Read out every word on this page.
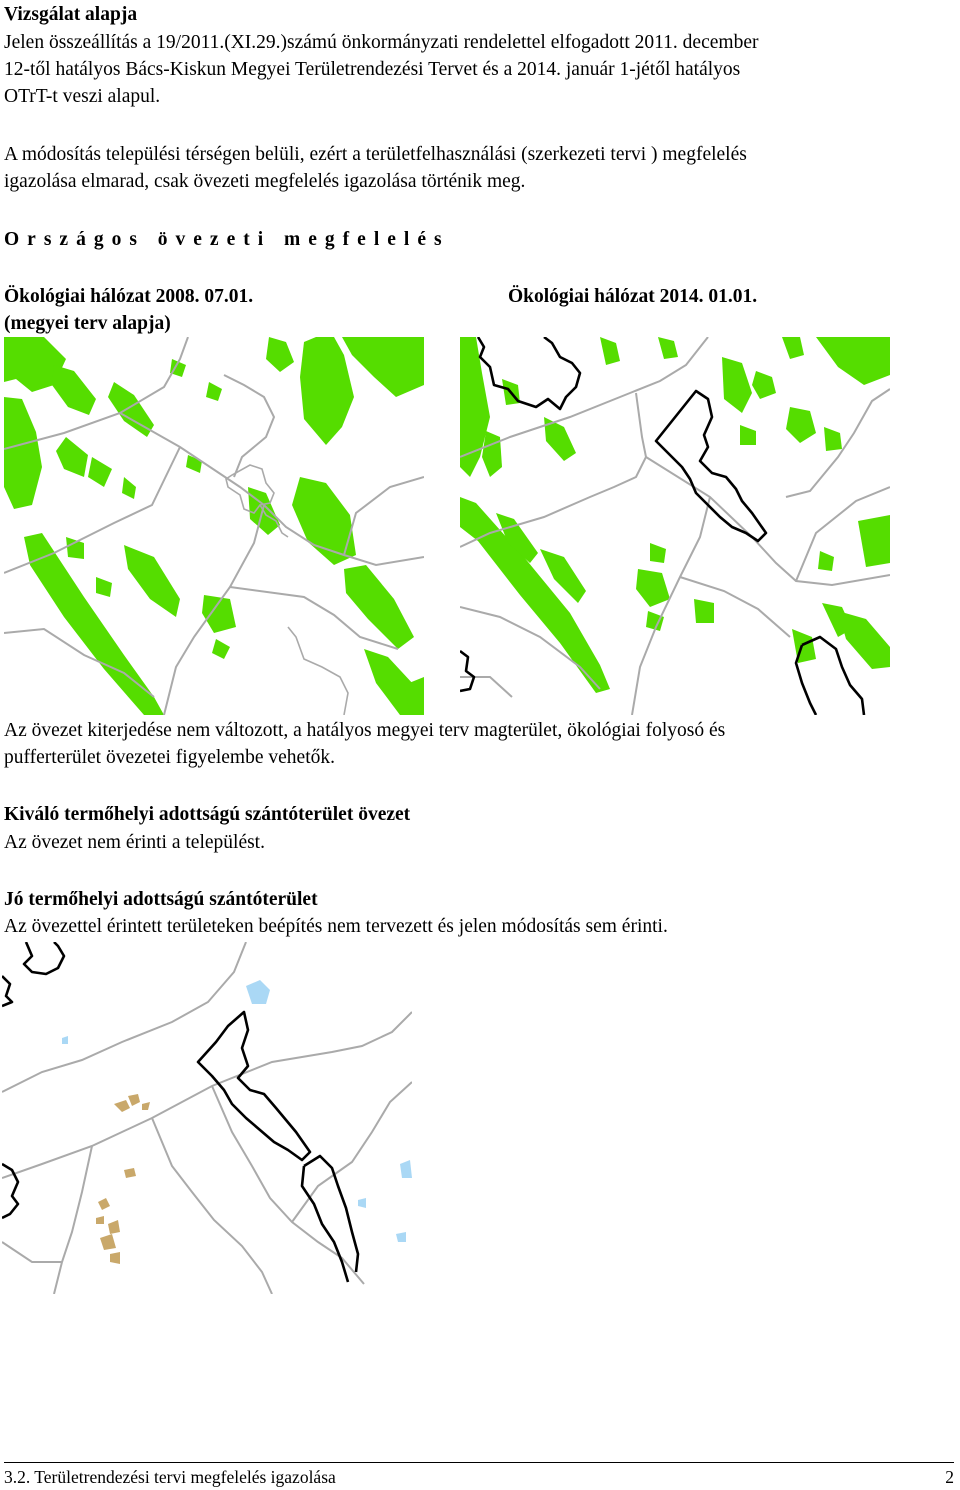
Vizsgálat alapja
Jelen összeállítás a 19/2011.(XI.29.)számú önkormányzati rendelettel elfogadott 2011. december
12-től hatályos Bács-Kiskun Megyei Területrendezési Tervet és a 2014. január 1-jétől hatályos
OTrT-t veszi alapul.
A módosítás települési térségen belüli, ezért a területfelhasználási (szerkezeti tervi ) megfelelés
igazolása elmarad, csak övezeti megfelelés igazolása történik meg.
Országos övezeti megfelelés
Ökológiai hálózat 2008. 07.01.	Ökológiai hálózat 2014. 01.01.
(megyei terv alapja)
Az övezet kiterjedése nem változott, a hatályos megyei terv magterület, ökológiai folyosó és
pufferterület övezetei figyelembe vehetők.
Kiváló termőhelyi adottságú szántóterület övezet
Az övezet nem érinti a települést.
Jó termőhelyi adottságú szántóterület
Az övezettel érintett területeken beépítés nem tervezett és jelen módosítás sem érinti.
3.2. Területrendezési tervi megfelelés igazolása	2
